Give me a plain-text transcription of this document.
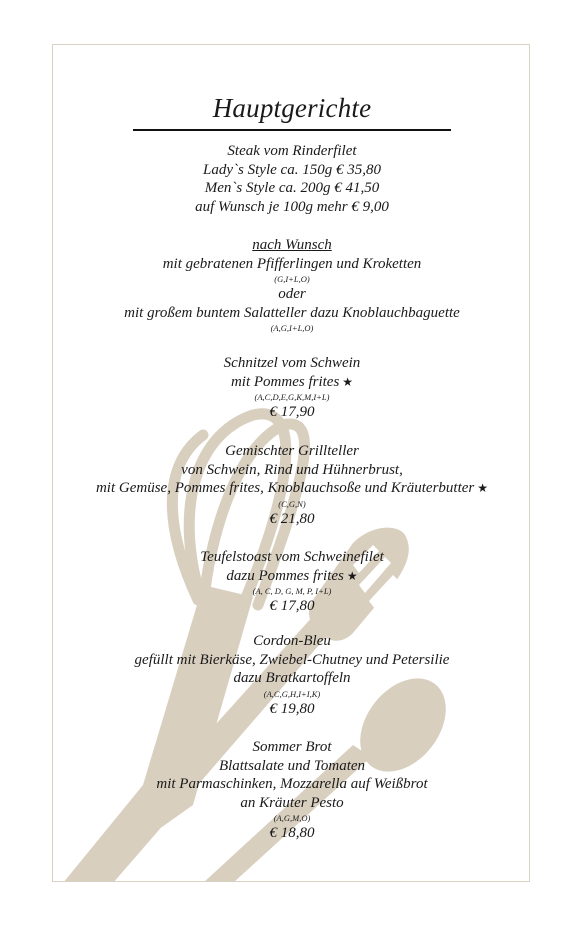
Hauptgerichte
Steak vom Rinderfilet
Lady`s Style ca. 150g € 35,80
Men`s Style ca. 200g € 41,50
auf Wunsch je 100g mehr € 9,00
nach Wunsch
mit gebratenen Pfifferlingen und Kroketten
(G,I+L,O)
oder
mit großem buntem Salatteller dazu Knoblauchbaguette
(A,G,I+L,O)
Schnitzel vom Schwein
mit Pommes frites ★
(A,C,D,E,G,K,M,I+L)
€ 17,90
Gemischter Grillteller
von Schwein, Rind und Hühnerbrust,
mit Gemüse, Pommes frites, Knoblauchsoße und Kräuterbutter ★
(C,G,N)
€ 21,80
Teufelstoast vom Schweinefilet
dazu Pommes frites ★
(A, C, D, G, M, P, I+L)
€ 17,80
Cordon-Bleu
gefüllt mit Bierkäse, Zwiebel-Chutney und Petersilie
dazu Bratkartoffeln
(A,C,G,H,I+I,K)
€ 19,80
Sommer Brot
Blattsalate und Tomaten
mit Parmaschinken, Mozzarella auf Weißbrot
an Kräuter Pesto
(A,G,M,O)
€ 18,80
